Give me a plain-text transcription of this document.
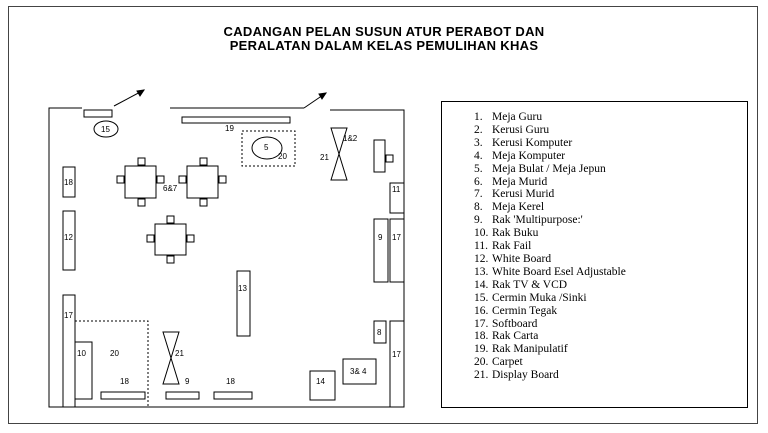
CADANGAN PELAN SUSUN ATUR PERABOT DAN
PERALATAN DALAM KELAS PEMULIHAN KHAS
15	19
5
20	21
1&2
18
6&7	11
12	9 17
13
17
10	20	21
8
17
18	9	18	14
3& 4
1. Meja Guru
2. Kerusi Guru
3. Kerusi Komputer
4. Meja Komputer
5. Meja Bulat / Meja Jepun
6. Meja Murid
7. Kerusi Murid
8. Meja Kerel
9. Rak 'Multipurpose:'
10. Rak Buku
11. Rak Fail
12. White Board
13. White Board Esel Adjustable
14. Rak TV & VCD
15. Cermin Muka /Sinki
16. Cermin Tegak
17. Softboard
18. Rak Carta
19. Rak Manipulatif
20. Carpet
21. Display Board
